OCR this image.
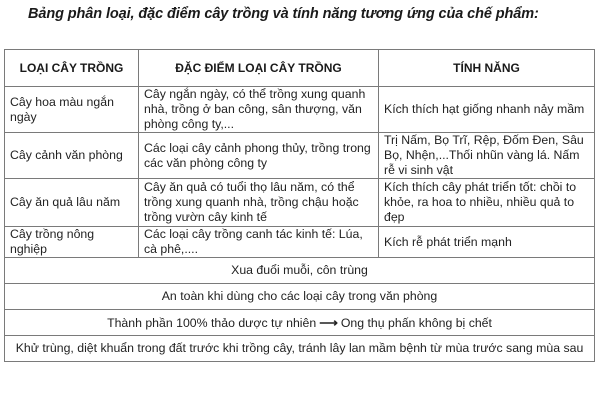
Bảng phân loại, đặc điểm cây trồng và tính năng tương ứng của chế phẩm:
LOẠI CÂY TRỒNG	ĐẶC ĐIỂM LOẠI CÂY TRỒNG	TÍNH NĂNG
Cây hoa màu ngắn ngày	Cây ngắn ngày, có thể trồng xung quanh nhà, trồng ở ban công, sân thượng, văn phòng công ty,...	Kích thích hạt giống nhanh nảy mầm
Cây cảnh văn phòng	Các loại cây cảnh phong thủy, trồng trong các văn phòng công ty	Trị Nấm, Bọ Trĩ, Rệp, Đốm Đen, Sâu Bọ, Nhện,...Thối nhũn vàng lá. Nấm rễ vi sinh vật
Cây ăn quả lâu năm	Cây ăn quả có tuổi thọ lâu năm, có thể trồng xung quanh nhà, trồng chậu hoặc trồng vườn cây kinh tế	Kích thích cây phát triển tốt: chồi to khỏe, ra hoa to nhiều, nhiều quả to đẹp
Cây trồng nông nghiệp	Các loại cây trồng canh tác kinh tế: Lúa, cà phê,....	Kích rễ phát triển mạnh
Xua đuổi muỗi, côn trùng		
An toàn khi dùng cho các loại cây trong văn phòng		
Thành phần 100% thảo dược tự nhiên ⟶ Ong thụ phấn không bị chết		
Khử trùng, diệt khuẩn trong đất trước khi trồng cây, tránh lây lan mầm bệnh từ mùa trước sang mùa sau		
